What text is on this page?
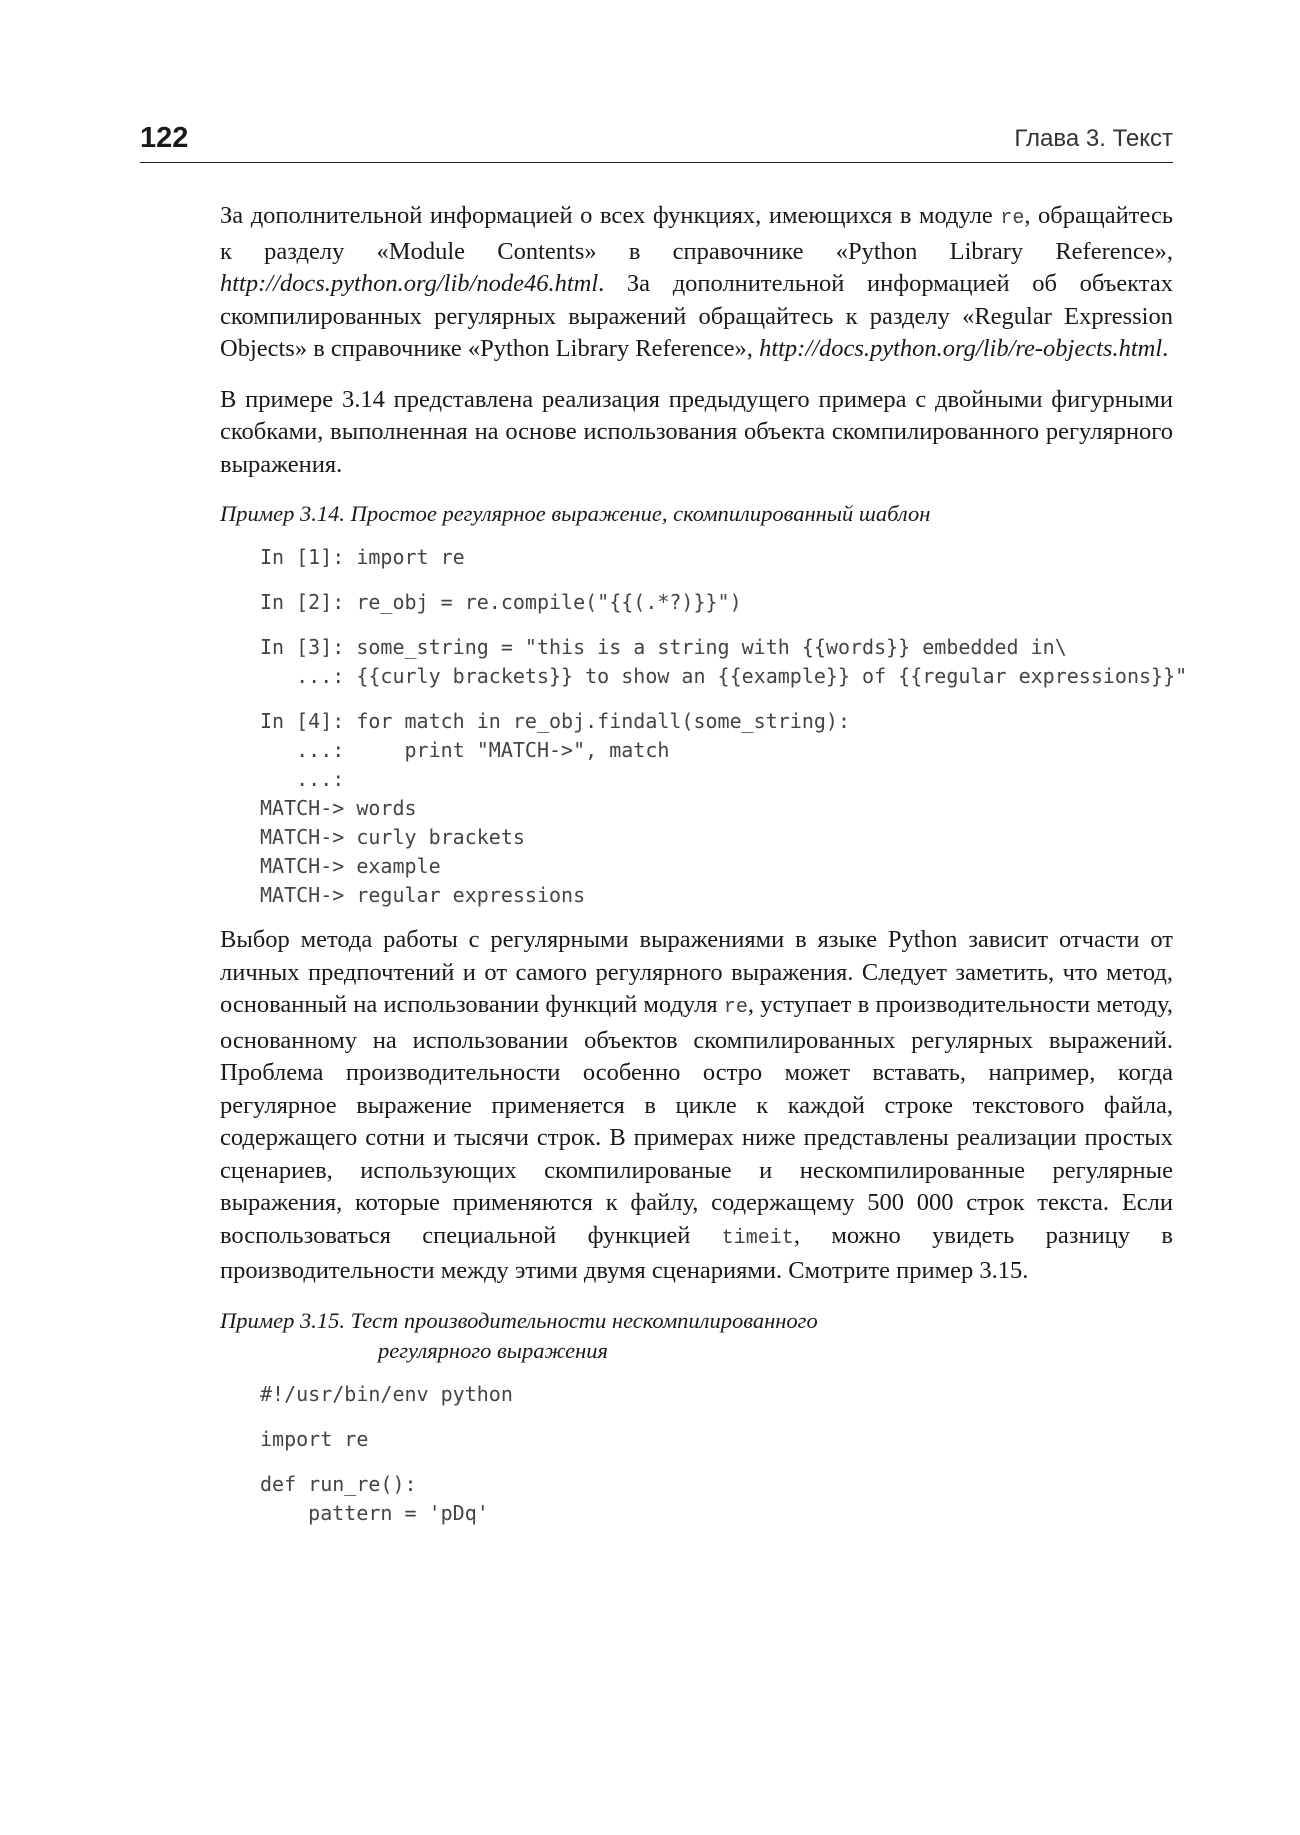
122	Глава 3. Текст

За дополнительной информацией о всех функциях, имеющихся в модуле re, обращайтесь к разделу «Module Contents» в справочнике «Python Library Reference», http://docs.python.org/lib/node46.html. За дополнительной информацией об объектах скомпилированных регулярных выражений обращайтесь к разделу «Regular Expression Objects» в справочнике «Python Library Reference», http://docs.python.org/lib/re-objects.html.

В примере 3.14 представлена реализация предыдущего примера с двойными фигурными скобками, выполненная на основе использования объекта скомпилированного регулярного выражения.

Пример 3.14. Простое регулярное выражение, скомпилированный шаблон
In [1]: import re
In [2]: re_obj = re.compile("{{(.*?)}}")
In [3]: some_string = "this is a string with {{words}} embedded in\
...: {{curly brackets}} to show an {{example}} of {{regular expressions}}"
In [4]: for match in re_obj.findall(some_string):
...:     print "MATCH->", match
...:
MATCH-> words
MATCH-> curly brackets
MATCH-> example
MATCH-> regular expressions

Выбор метода работы с регулярными выражениями в языке Python зависит отчасти от личных предпочтений и от самого регулярного выражения. Следует заметить, что метод, основанный на использовании функций модуля re, уступает в производительности методу, основанному на использовании объектов скомпилированных регулярных выражений. Проблема производительности особенно остро может вставать, например, когда регулярное выражение применяется в цикле к каждой строке текстового файла, содержащего сотни и тысячи строк. В примерах ниже представлены реализации простых сценариев, использующих скомпилированые и нескомпилированные регулярные выражения, которые применяются к файлу, содержащему 500 000 строк текста. Если воспользоваться специальной функцией timeit, можно увидеть разницу в производительности между этими двумя сценариями. Смотрите пример 3.15.

Пример 3.15. Тест производительности нескомпилированного
регулярного выражения
#!/usr/bin/env python
import re
def run_re():
pattern = 'pDq'
